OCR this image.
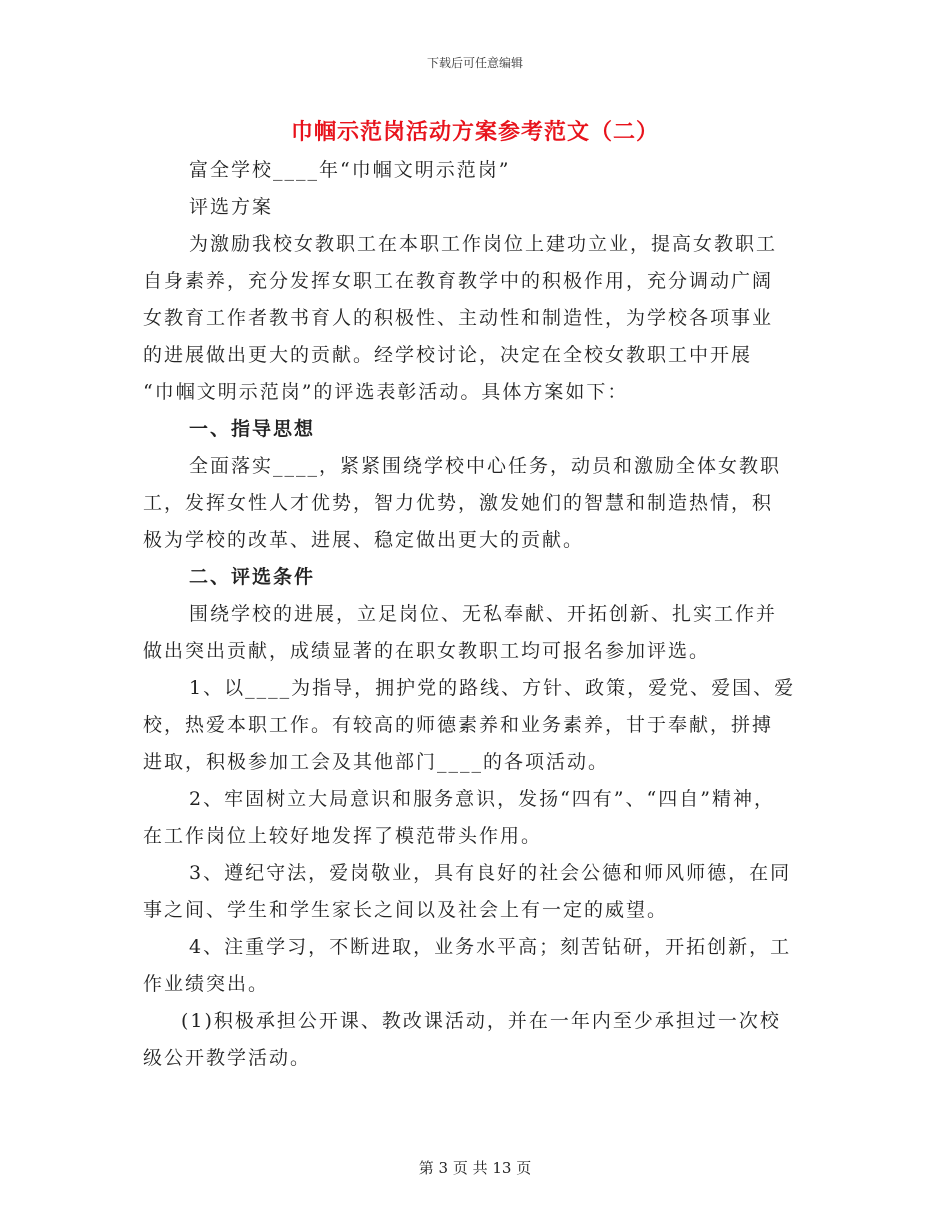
下载后可任意编辑
巾帼示范岗活动方案参考范文（二）
富全学校____年“巾帼文明示范岗”
评选方案
为激励我校女教职工在本职工作岗位上建功立业，提高女教职工
自身素养，充分发挥女职工在教育教学中的积极作用，充分调动广阔
女教育工作者教书育人的积极性、主动性和制造性，为学校各项事业
的进展做出更大的贡献。经学校讨论，决定在全校女教职工中开展
“巾帼文明示范岗”的评选表彰活动。具体方案如下：
一、指导思想
全面落实____，紧紧围绕学校中心任务，动员和激励全体女教职
工，发挥女性人才优势，智力优势，激发她们的智慧和制造热情，积
极为学校的改革、进展、稳定做出更大的贡献。
二、评选条件
围绕学校的进展，立足岗位、无私奉献、开拓创新、扎实工作并
做出突出贡献，成绩显著的在职女教职工均可报名参加评选。
1、以____为指导，拥护党的路线、方针、政策，爱党、爱国、爱
校，热爱本职工作。有较高的师德素养和业务素养，甘于奉献，拼搏
进取，积极参加工会及其他部门____的各项活动。
2、牢固树立大局意识和服务意识，发扬“四有”、“四自”精神，
在工作岗位上较好地发挥了模范带头作用。
3、遵纪守法，爱岗敬业，具有良好的社会公德和师风师德，在同
事之间、学生和学生家长之间以及社会上有一定的威望。
4、注重学习，不断进取，业务水平高；刻苦钻研，开拓创新，工
作业绩突出。
(1)积极承担公开课、教改课活动，并在一年内至少承担过一次校
级公开教学活动。
第 3 页 共 13 页
